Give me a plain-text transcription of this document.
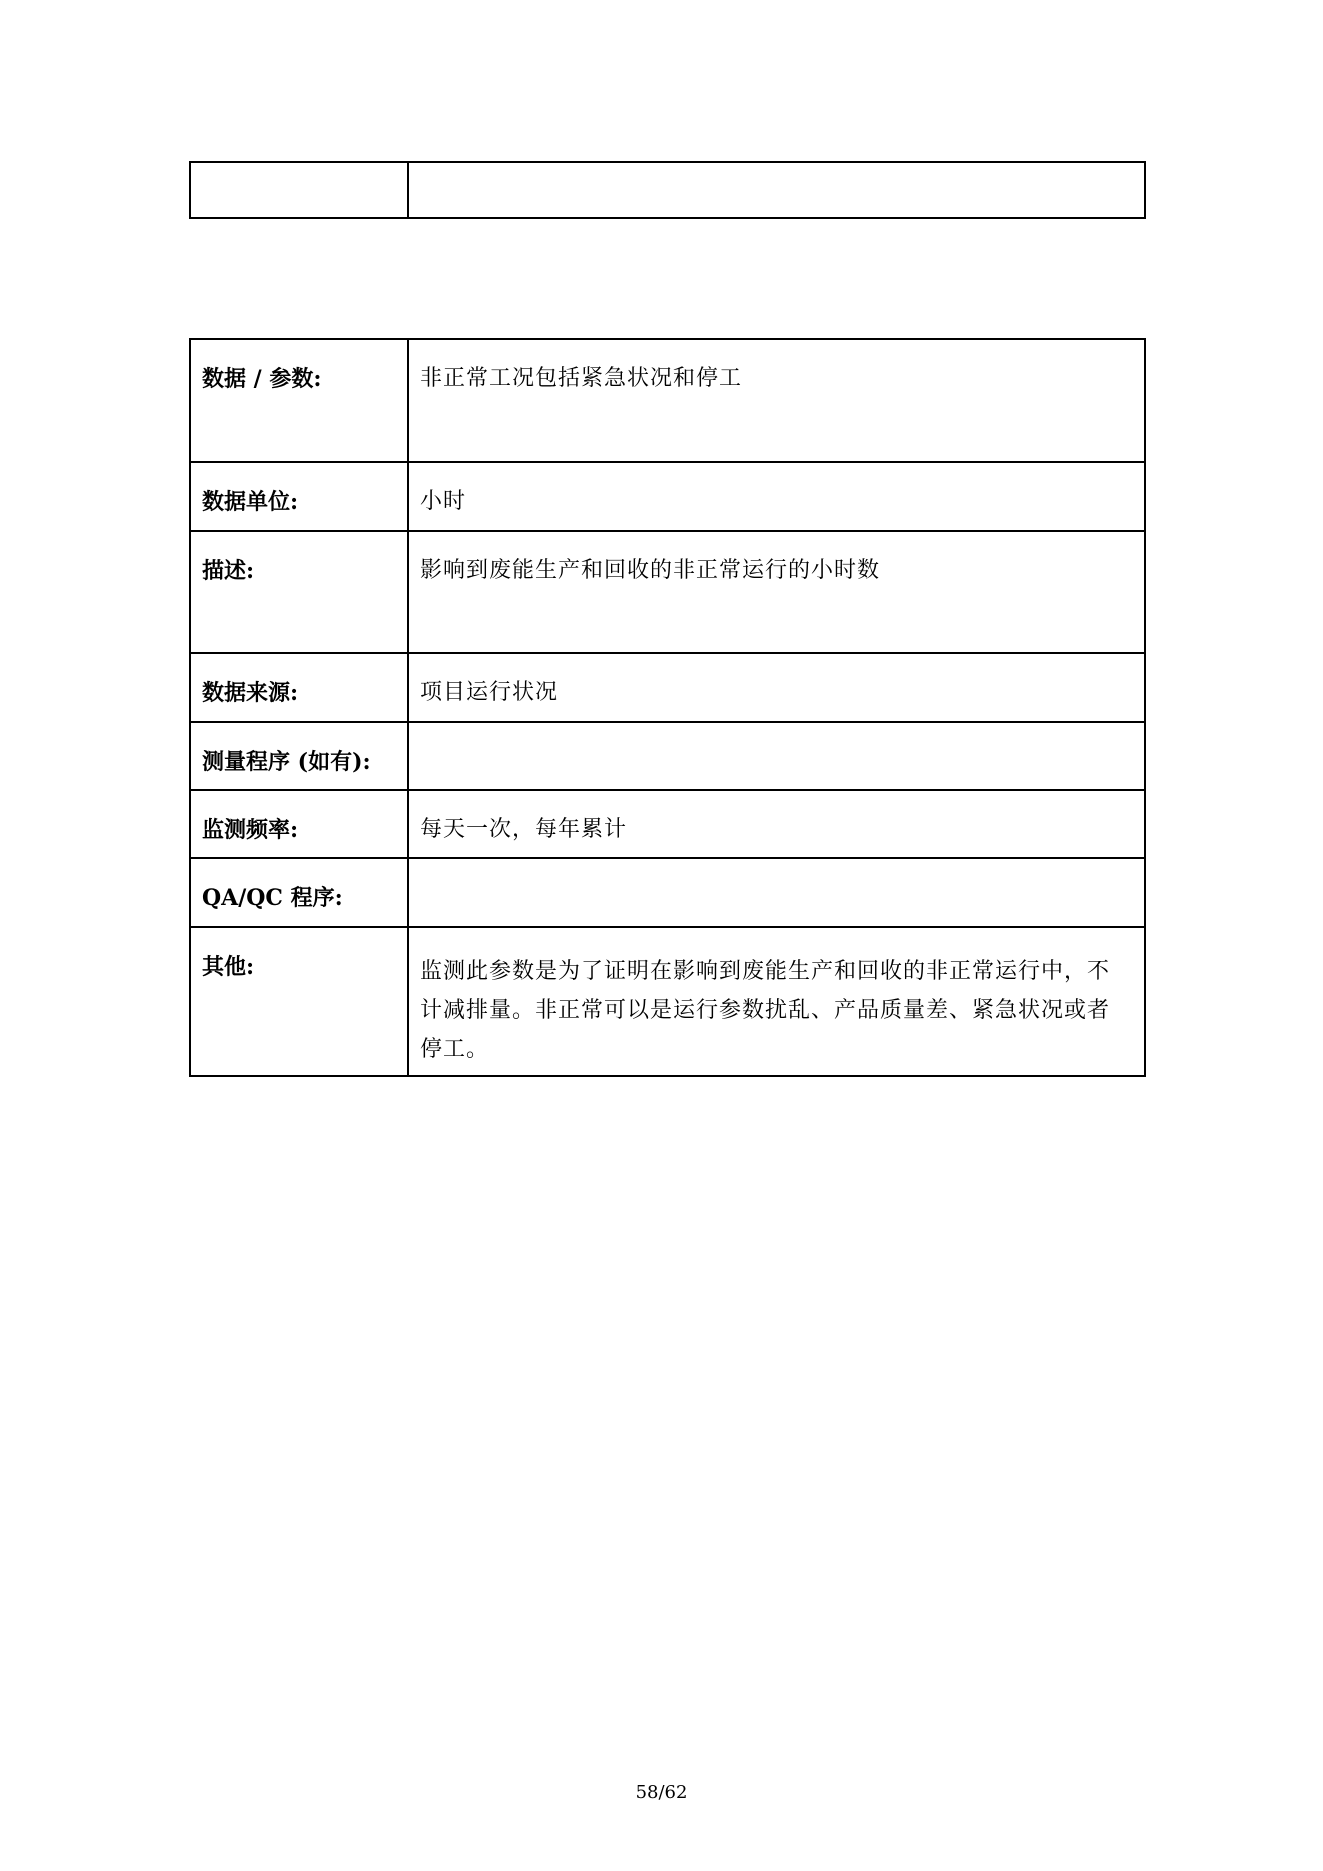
数据 / 参数:	非正常工况包括紧急状况和停工
数据单位:	小时
描述:	影响到废能生产和回收的非正常运行的小时数
数据来源:	项目运行状况
测量程序 (如有):	
监测频率:	每天一次，每年累计
QA/QC 程序:	
其他:	监测此参数是为了证明在影响到废能生产和回收的非正常运行中，不计减排量。非正常可以是运行参数扰乱、产品质量差、紧急状况或者停工。
58/62
